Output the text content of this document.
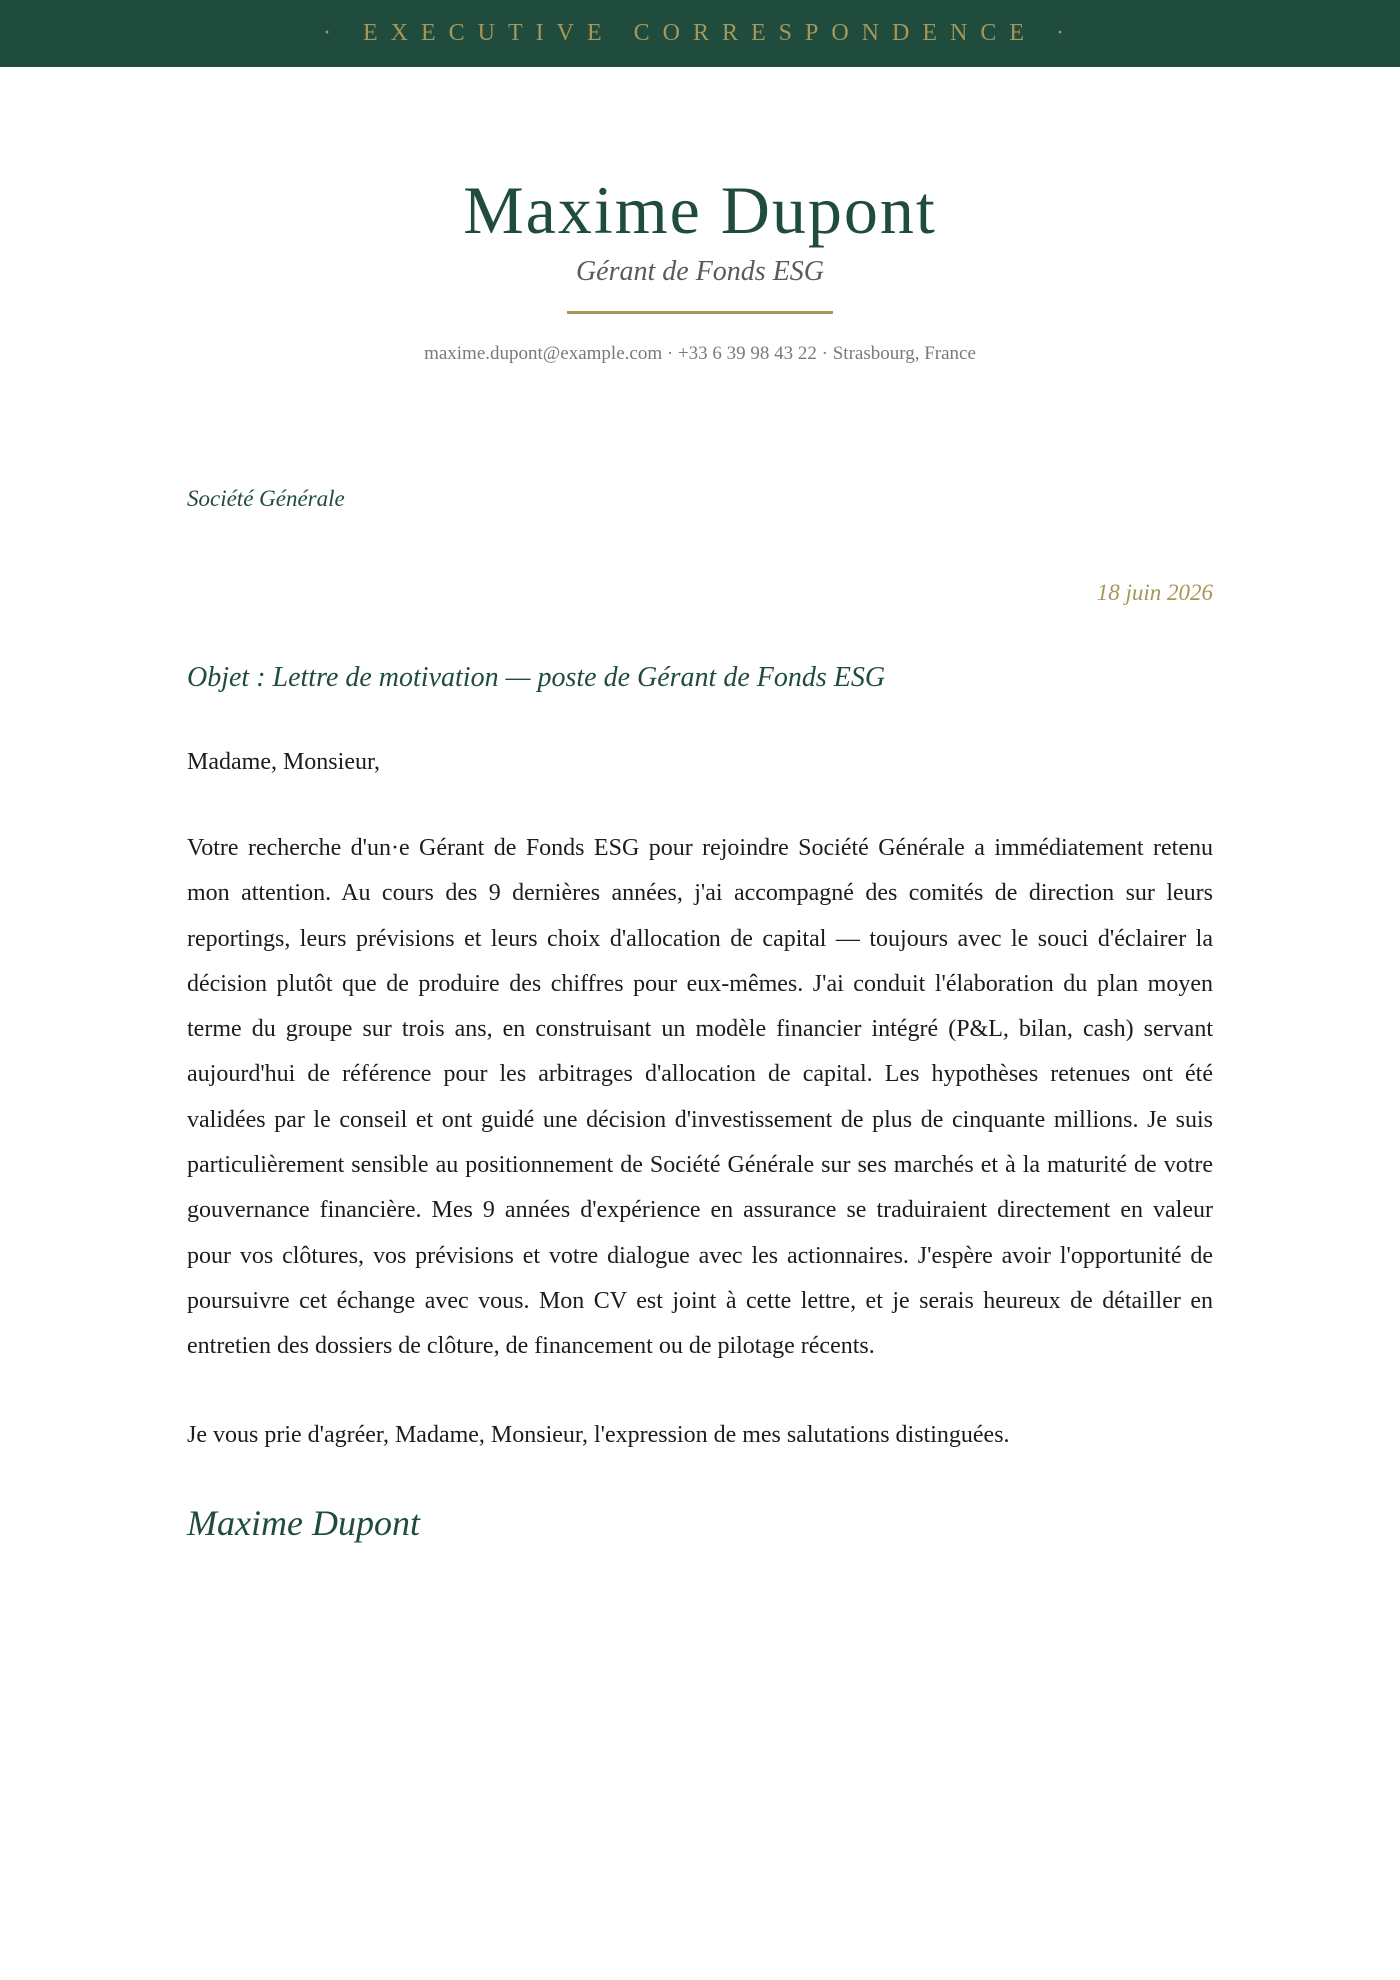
· EXECUTIVE CORRESPONDENCE ·
Maxime Dupont
Gérant de Fonds ESG
maxime.dupont@example.com · +33 6 39 98 43 22 · Strasbourg, France
Société Générale
18 juin 2026
Objet : Lettre de motivation — poste de Gérant de Fonds ESG
Madame, Monsieur,

Votre recherche d'un·e Gérant de Fonds ESG pour rejoindre Société Générale a immédiatement retenu mon attention. Au cours des 9 dernières années, j'ai accompagné des comités de direction sur leurs reportings, leurs prévisions et leurs choix d'allocation de capital — toujours avec le souci d'éclairer la décision plutôt que de produire des chiffres pour eux-mêmes. J'ai conduit l'élaboration du plan moyen terme du groupe sur trois ans, en construisant un modèle financier intégré (P&L, bilan, cash) servant aujourd'hui de référence pour les arbitrages d'allocation de capital. Les hypothèses retenues ont été validées par le conseil et ont guidé une décision d'investissement de plus de cinquante millions. Je suis particulièrement sensible au positionnement de Société Générale sur ses marchés et à la maturité de votre gouvernance financière. Mes 9 années d'expérience en assurance se traduiraient directement en valeur pour vos clôtures, vos prévisions et votre dialogue avec les actionnaires. J'espère avoir l'opportunité de poursuivre cet échange avec vous. Mon CV est joint à cette lettre, et je serais heureux de détailler en entretien des dossiers de clôture, de financement ou de pilotage récents.

Je vous prie d'agréer, Madame, Monsieur, l'expression de mes salutations distinguées.
Maxime Dupont
